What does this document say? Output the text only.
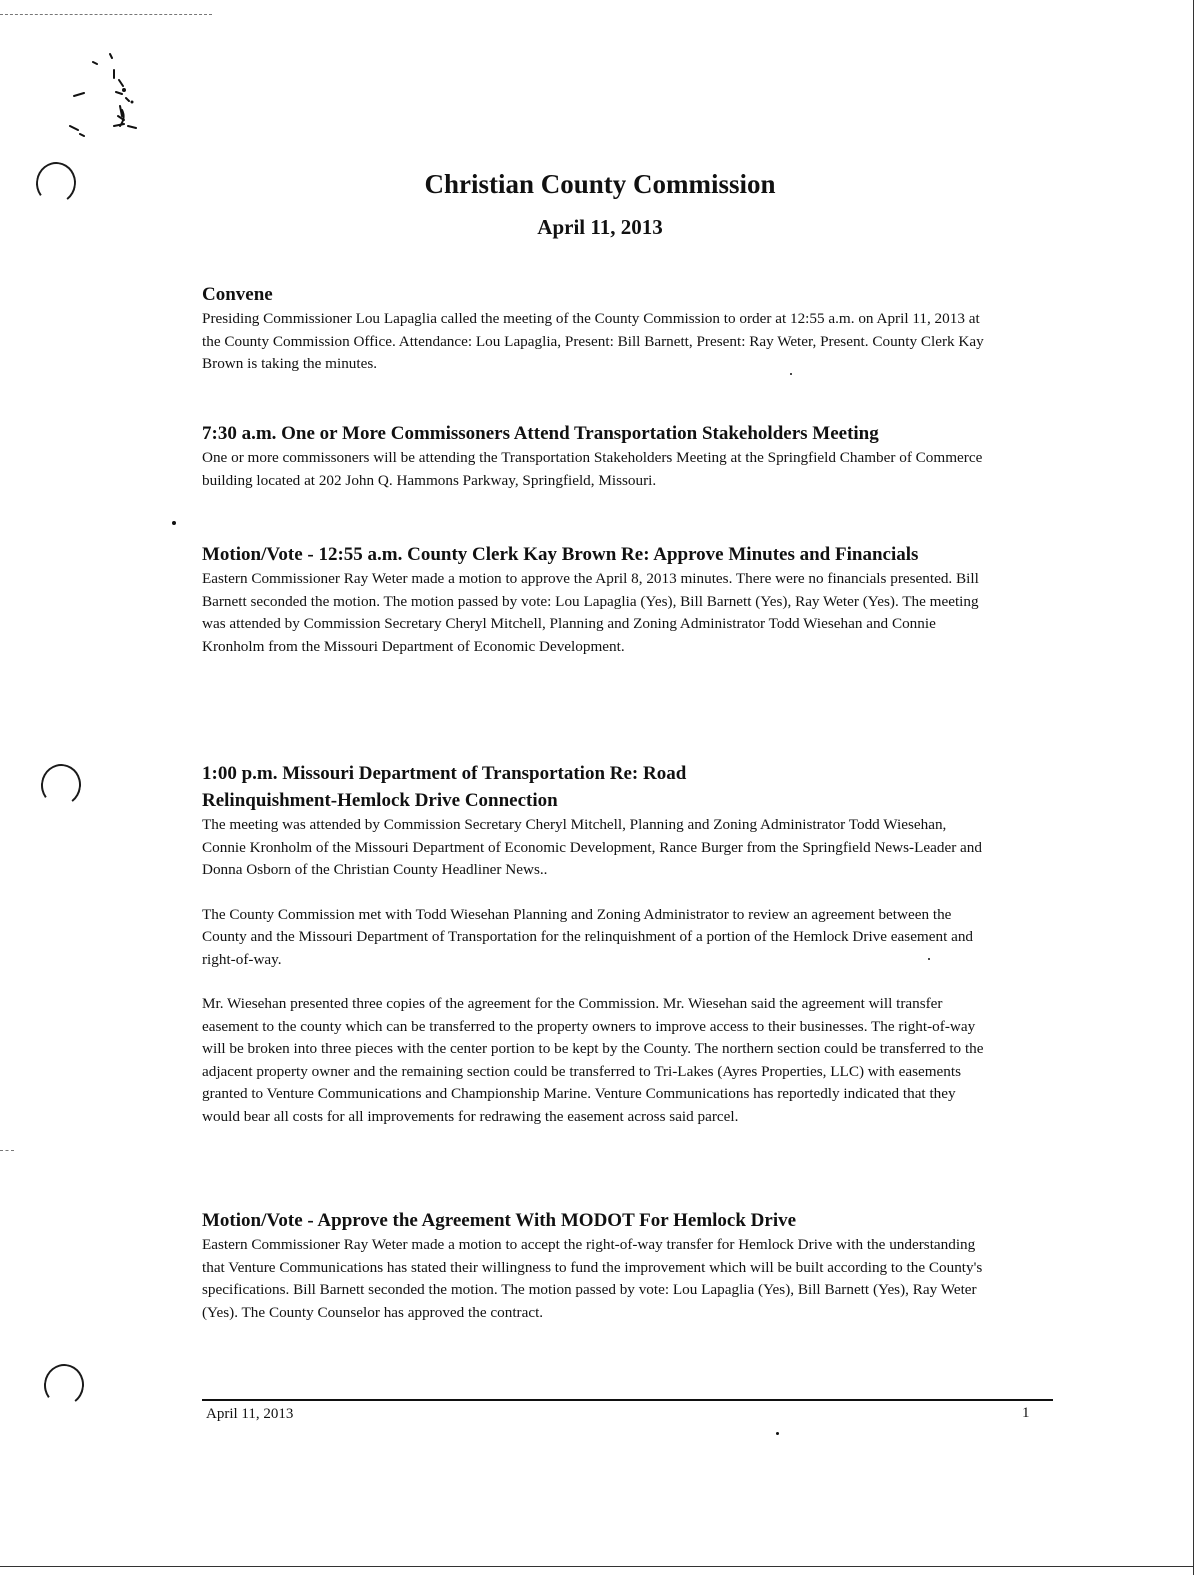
Christian County Commission

April 11, 2013

Convene

Presiding Commissioner Lou Lapaglia called the meeting of the County Commission to order at 12:55 a.m. on April 11, 2013 at the County Commission Office. Attendance: Lou Lapaglia, Present: Bill Barnett, Present: Ray Weter, Present. County Clerk Kay Brown is taking the minutes.

7:30 a.m. One or More Commissoners Attend Transportation Stakeholders Meeting

One or more commissoners will be attending the Transportation Stakeholders Meeting at the Springfield Chamber of Commerce building located at 202 John Q. Hammons Parkway, Springfield, Missouri.

Motion/Vote - 12:55 a.m. County Clerk Kay Brown Re: Approve Minutes and Financials

Eastern Commissioner Ray Weter made a motion to approve the April 8, 2013 minutes. There were no financials presented. Bill Barnett seconded the motion. The motion passed by vote: Lou Lapaglia (Yes), Bill Barnett (Yes), Ray Weter (Yes). The meeting was attended by Commission Secretary Cheryl Mitchell, Planning and Zoning Administrator Todd Wiesehan and Connie Kronholm from the Missouri Department of Economic Development.

1:00 p.m. Missouri Department of Transportation Re: Road Relinquishment-Hemlock Drive Connection

The meeting was attended by Commission Secretary Cheryl Mitchell, Planning and Zoning Administrator Todd Wiesehan, Connie Kronholm of the Missouri Department of Economic Development, Rance Burger from the Springfield News-Leader and Donna Osborn of the Christian County Headliner News..

The County Commission met with Todd Wiesehan Planning and Zoning Administrator to review an agreement between the County and the Missouri Department of Transportation for the relinquishment of a portion of the Hemlock Drive easement and right-of-way.

Mr. Wiesehan presented three copies of the agreement for the Commission. Mr. Wiesehan said the agreement will transfer easement to the county which can be transferred to the property owners to improve access to their businesses. The right-of-way will be broken into three pieces with the center portion to be kept by the County. The northern section could be transferred to the adjacent property owner and the remaining section could be transferred to Tri-Lakes (Ayres Properties, LLC) with easements granted to Venture Communications and Championship Marine. Venture Communications has reportedly indicated that they would bear all costs for all improvements for redrawing the easement across said parcel.

Motion/Vote - Approve the Agreement With MODOT For Hemlock Drive

Eastern Commissioner Ray Weter made a motion to accept the right-of-way transfer for Hemlock Drive with the understanding that Venture Communications has stated their willingness to fund the improvement which will be built according to the County's specifications. Bill Barnett seconded the motion. The motion passed by vote: Lou Lapaglia (Yes), Bill Barnett (Yes), Ray Weter (Yes). The County Counselor has approved the contract.

April 11, 2013	1
